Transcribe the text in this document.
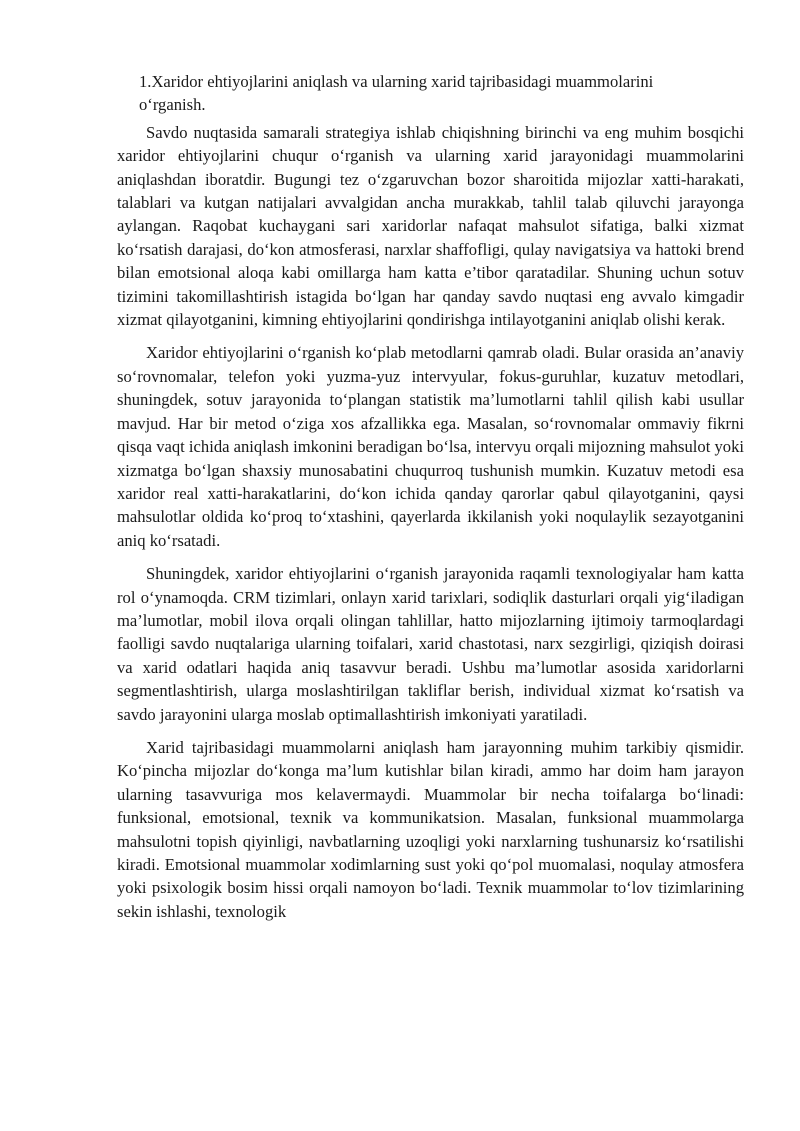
1.Xaridor ehtiyojlarini aniqlash va ularning xarid tajribasidagi muammolarini o‘rganish.

Savdo nuqtasida samarali strategiya ishlab chiqishning birinchi va eng muhim bosqichi xaridor ehtiyojlarini chuqur o‘rganish va ularning xarid jarayonidagi muammolarini aniqlashdan iboratdir. Bugungi tez o‘zgaruvchan bozor sharoitida mijozlar xatti-harakati, talablari va kutgan natijalari avvalgidan ancha murakkab, tahlil talab qiluvchi jarayonga aylangan. Raqobat kuchaygani sari xaridorlar nafaqat mahsulot sifatiga, balki xizmat ko‘rsatish darajasi, do‘kon atmosferasi, narxlar shaffofligi, qulay navigatsiya va hattoki brend bilan emotsional aloqa kabi omillarga ham katta e’tibor qaratadilar. Shuning uchun sotuv tizimini takomillashtirish istagida bo‘lgan har qanday savdo nuqtasi eng avvalo kimgadir xizmat qilayotganini, kimning ehtiyojlarini qondirishga intilayotganini aniqlab olishi kerak.

Xaridor ehtiyojlarini o‘rganish ko‘plab metodlarni qamrab oladi. Bular orasida an’anaviy so‘rovnomalar, telefon yoki yuzma-yuz intervyular, fokus-guruhlar, kuzatuv metodlari, shuningdek, sotuv jarayonida to‘plangan statistik ma’lumotlarni tahlil qilish kabi usullar mavjud. Har bir metod o‘ziga xos afzallikka ega. Masalan, so‘rovnomalar ommaviy fikrni qisqa vaqt ichida aniqlash imkonini beradigan bo‘lsa, intervyu orqali mijozning mahsulot yoki xizmatga bo‘lgan shaxsiy munosabatini chuqurroq tushunish mumkin. Kuzatuv metodi esa xaridor real xatti-harakatlarini, do‘kon ichida qanday qarorlar qabul qilayotganini, qaysi mahsulotlar oldida ko‘proq to‘xtashini, qayerlarda ikkilanish yoki noqulaylik sezayotganini aniq ko‘rsatadi.

Shuningdek, xaridor ehtiyojlarini o‘rganish jarayonida raqamli texnologiyalar ham katta rol o‘ynamoqda. CRM tizimlari, onlayn xarid tarixlari, sodiqlik dasturlari orqali yig‘iladigan ma’lumotlar, mobil ilova orqali olingan tahlillar, hatto mijozlarning ijtimoiy tarmoqlardagi faolligi savdo nuqtalariga ularning toifalari, xarid chastotasi, narx sezgirligi, qiziqish doirasi va xarid odatlari haqida aniq tasavvur beradi. Ushbu ma’lumotlar asosida xaridorlarni segmentlashtirish, ularga moslashtirilgan takliflar berish, individual xizmat ko‘rsatish va savdo jarayonini ularga moslab optimallashtirish imkoniyati yaratiladi.

Xarid tajribasidagi muammolarni aniqlash ham jarayonning muhim tarkibiy qismidir. Ko‘pincha mijozlar do‘konga ma’lum kutishlar bilan kiradi, ammo har doim ham jarayon ularning tasavvuriga mos kelavermaydi. Muammolar bir necha toifalarga bo‘linadi: funksional, emotsional, texnik va kommunikatsion. Masalan, funksional muammolarga mahsulotni topish qiyinligi, navbatlarning uzoqligi yoki narxlarning tushunarsiz ko‘rsatilishi kiradi. Emotsional muammolar xodimlarning sust yoki qo‘pol muomalasi, noqulay atmosfera yoki psixologik bosim hissi orqali namoyon bo‘ladi. Texnik muammolar to‘lov tizimlarining sekin ishlashi, texnologik
